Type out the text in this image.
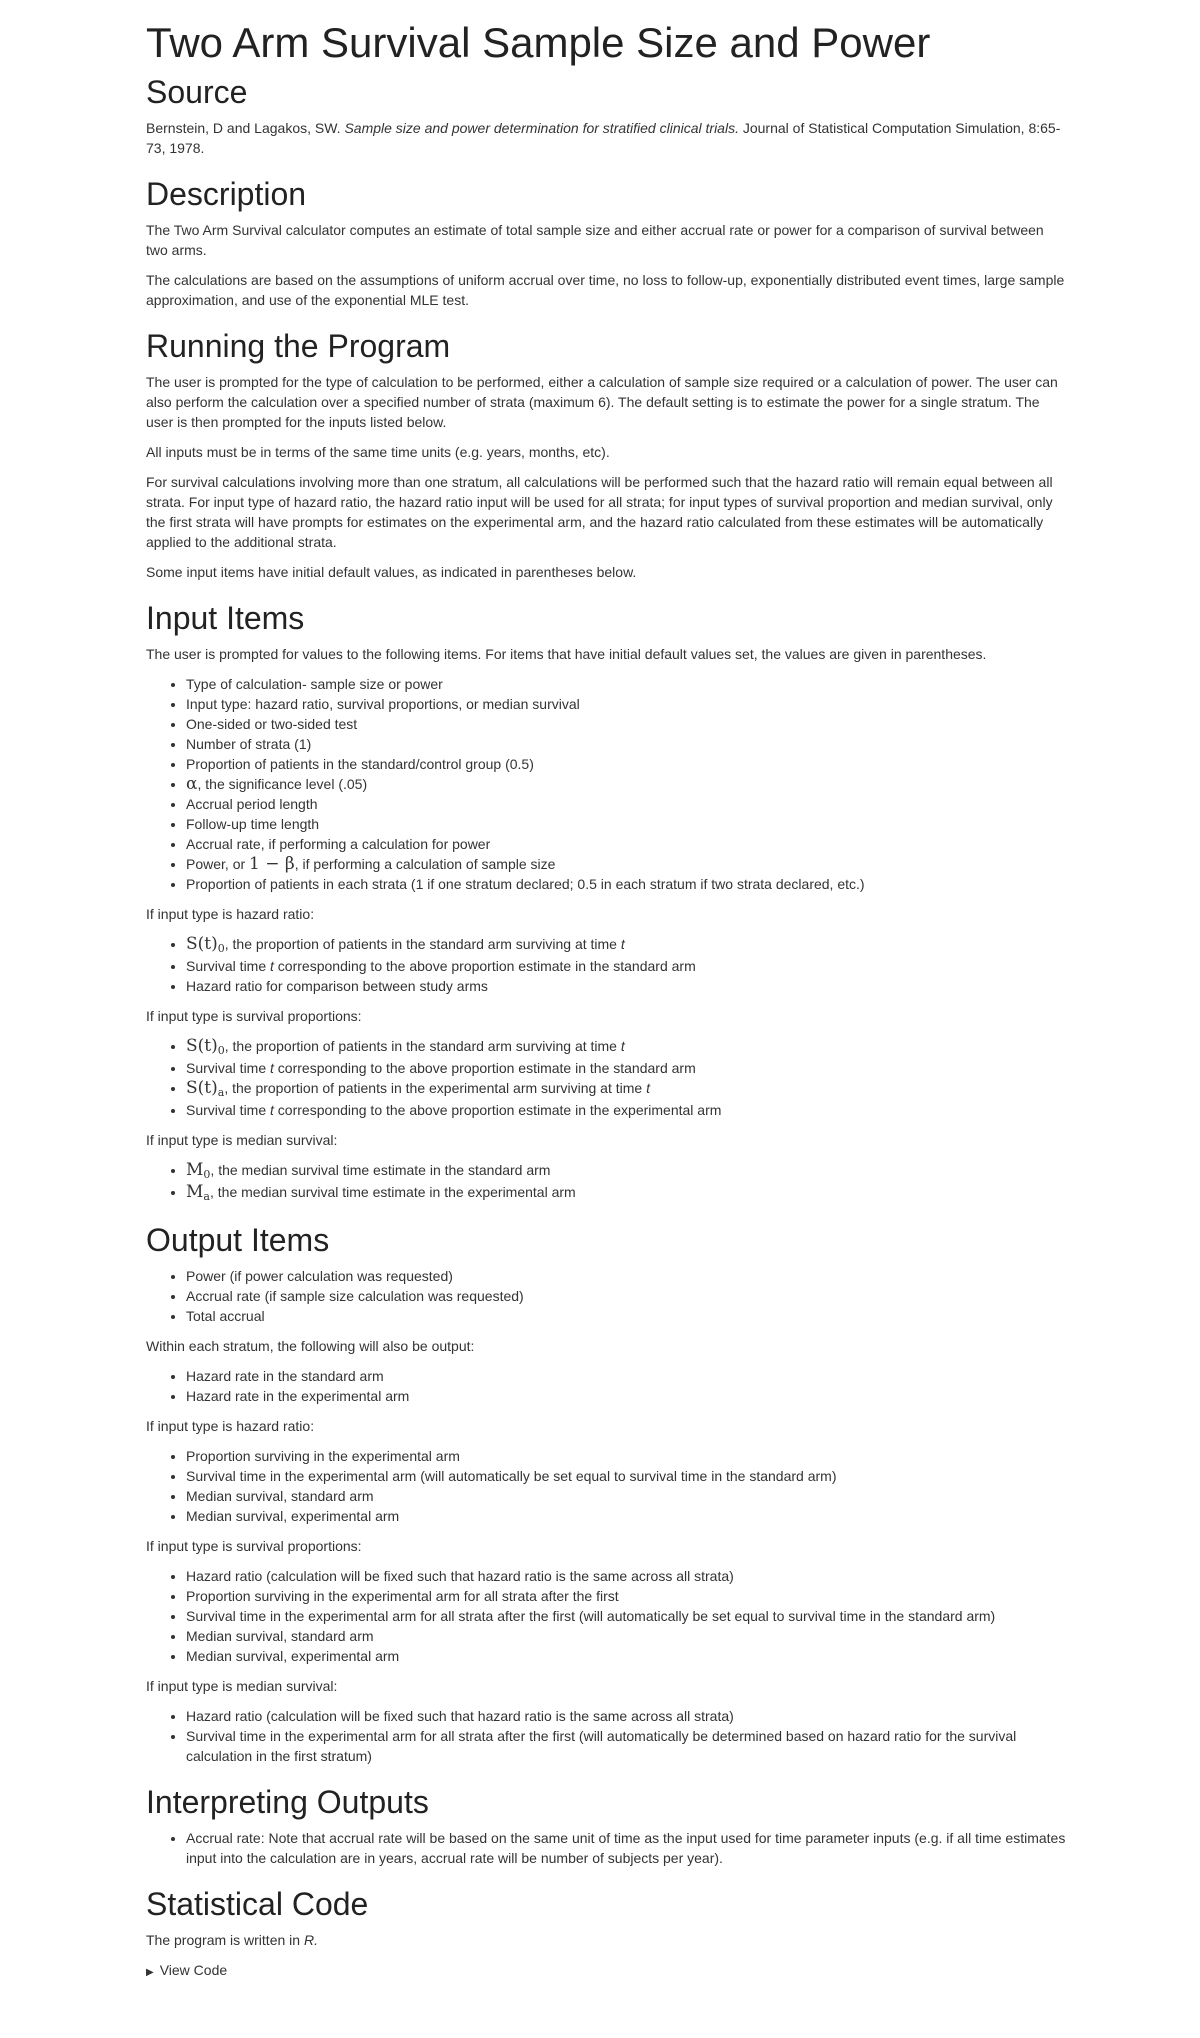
Two Arm Survival Sample Size and Power
Source

Bernstein, D and Lagakos, SW. Sample size and power determination for stratified clinical trials. Journal of Statistical Computation Simulation, 8:65-73, 1978.

Description

The Two Arm Survival calculator computes an estimate of total sample size and either accrual rate or power for a comparison of survival between two arms.

The calculations are based on the assumptions of uniform accrual over time, no loss to follow-up, exponentially distributed event times, large sample approximation, and use of the exponential MLE test.

Running the Program

The user is prompted for the type of calculation to be performed, either a calculation of sample size required or a calculation of power. The user can also perform the calculation over a specified number of strata (maximum 6). The default setting is to estimate the power for a single stratum. The user is then prompted for the inputs listed below.

All inputs must be in terms of the same time units (e.g. years, months, etc).

For survival calculations involving more than one stratum, all calculations will be performed such that the hazard ratio will remain equal between all strata. For input type of hazard ratio, the hazard ratio input will be used for all strata; for input types of survival proportion and median survival, only the first strata will have prompts for estimates on the experimental arm, and the hazard ratio calculated from these estimates will be automatically applied to the additional strata.

Some input items have initial default values, as indicated in parentheses below.

Input Items

The user is prompted for values to the following items. For items that have initial default values set, the values are given in parentheses.

• Type of calculation- sample size or power
• Input type: hazard ratio, survival proportions, or median survival
• One-sided or two-sided test
• Number of strata (1)
• Proportion of patients in the standard/control group (0.5)
• α, the significance level (.05)
• Accrual period length
• Follow-up time length
• Accrual rate, if performing a calculation for power
• Power, or 1 − β, if performing a calculation of sample size
• Proportion of patients in each strata (1 if one stratum declared; 0.5 in each stratum if two strata declared, etc.)

If input type is hazard ratio:

• $S(t)_0$, the proportion of patients in the standard arm surviving at time t
• Survival time t corresponding to the above proportion estimate in the standard arm
• Hazard ratio for comparison between study arms

If input type is survival proportions:

• $S(t)_0$, the proportion of patients in the standard arm surviving at time t
• Survival time t corresponding to the above proportion estimate in the standard arm
• $S(t)_a$, the proportion of patients in the experimental arm surviving at time t
• Survival time t corresponding to the above proportion estimate in the experimental arm

If input type is median survival:

• $M_0$, the median survival time estimate in the standard arm
• $M_a$, the median survival time estimate in the experimental arm
Output Items
• Power (if power calculation was requested)
• Accrual rate (if sample size calculation was requested)
• Total accrual

Within each stratum, the following will also be output:

• Hazard rate in the standard arm
• Hazard rate in the experimental arm

If input type is hazard ratio:

• Proportion surviving in the experimental arm
• Survival time in the experimental arm (will automatically be set equal to survival time in the standard arm)
• Median survival, standard arm
• Median survival, experimental arm

If input type is survival proportions:

• Hazard ratio (calculation will be fixed such that hazard ratio is the same across all strata)
• Proportion surviving in the experimental arm for all strata after the first
• Survival time in the experimental arm for all strata after the first (will automatically be set equal to survival time in the standard arm)
• Median survival, standard arm
• Median survival, experimental arm

If input type is median survival:

• Hazard ratio (calculation will be fixed such that hazard ratio is the same across all strata)
• Survival time in the experimental arm for all strata after the first (will automatically be determined based on hazard ratio for the survival calculation in the first stratum)
Interpreting Outputs
• Accrual rate: Note that accrual rate will be based on the same unit of time as the input used for time parameter inputs (e.g. if all time estimates input into the calculation are in years, accrual rate will be number of subjects per year).
Statistical Code

The program is written in R.

▶ View Code
